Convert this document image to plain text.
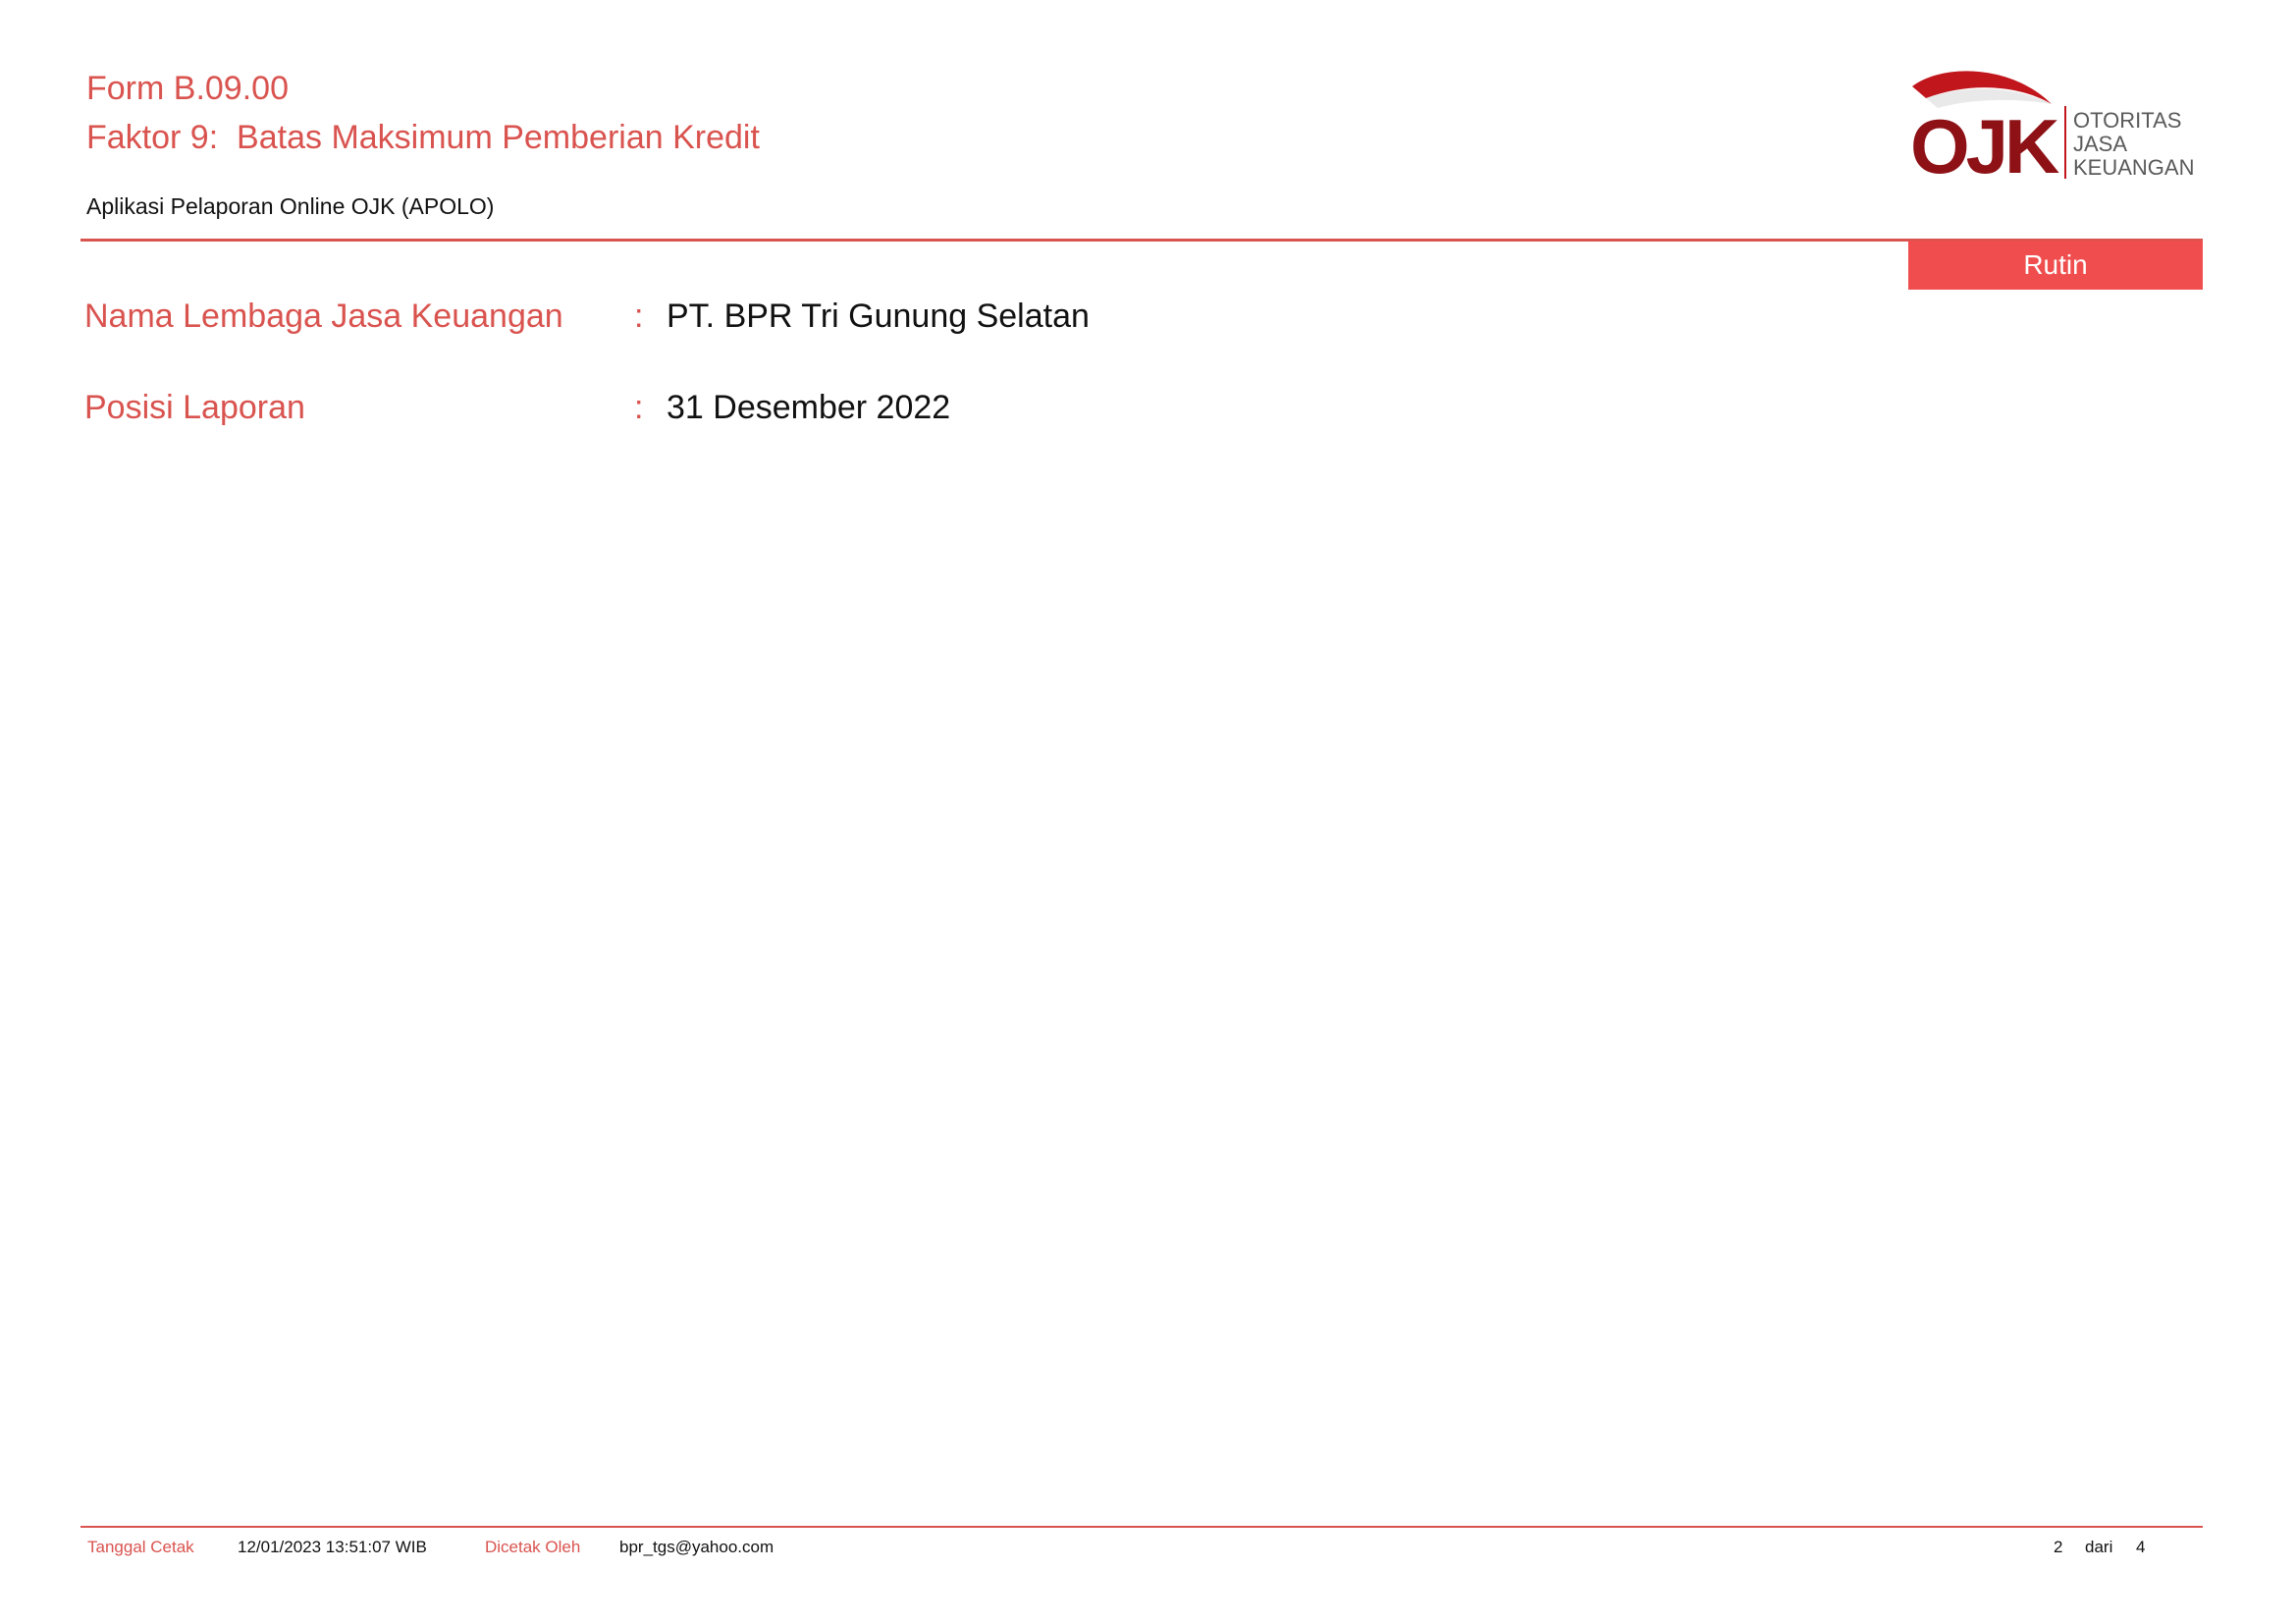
Form B.09.00
Faktor 9:  Batas Maksimum Pemberian Kredit
Aplikasi Pelaporan Online OJK (APOLO)
OJK OTORITAS
JASA
KEUANGAN
Rutin
Nama Lembaga Jasa Keuangan : PT. BPR Tri Gunung Selatan
Posisi Laporan	: 31 Desember 2022
Tanggal Cetak	12/01/2023 13:51:07 WIB	Dicetak Oleh bpr_tgs@yahoo.com	2 dari 4
